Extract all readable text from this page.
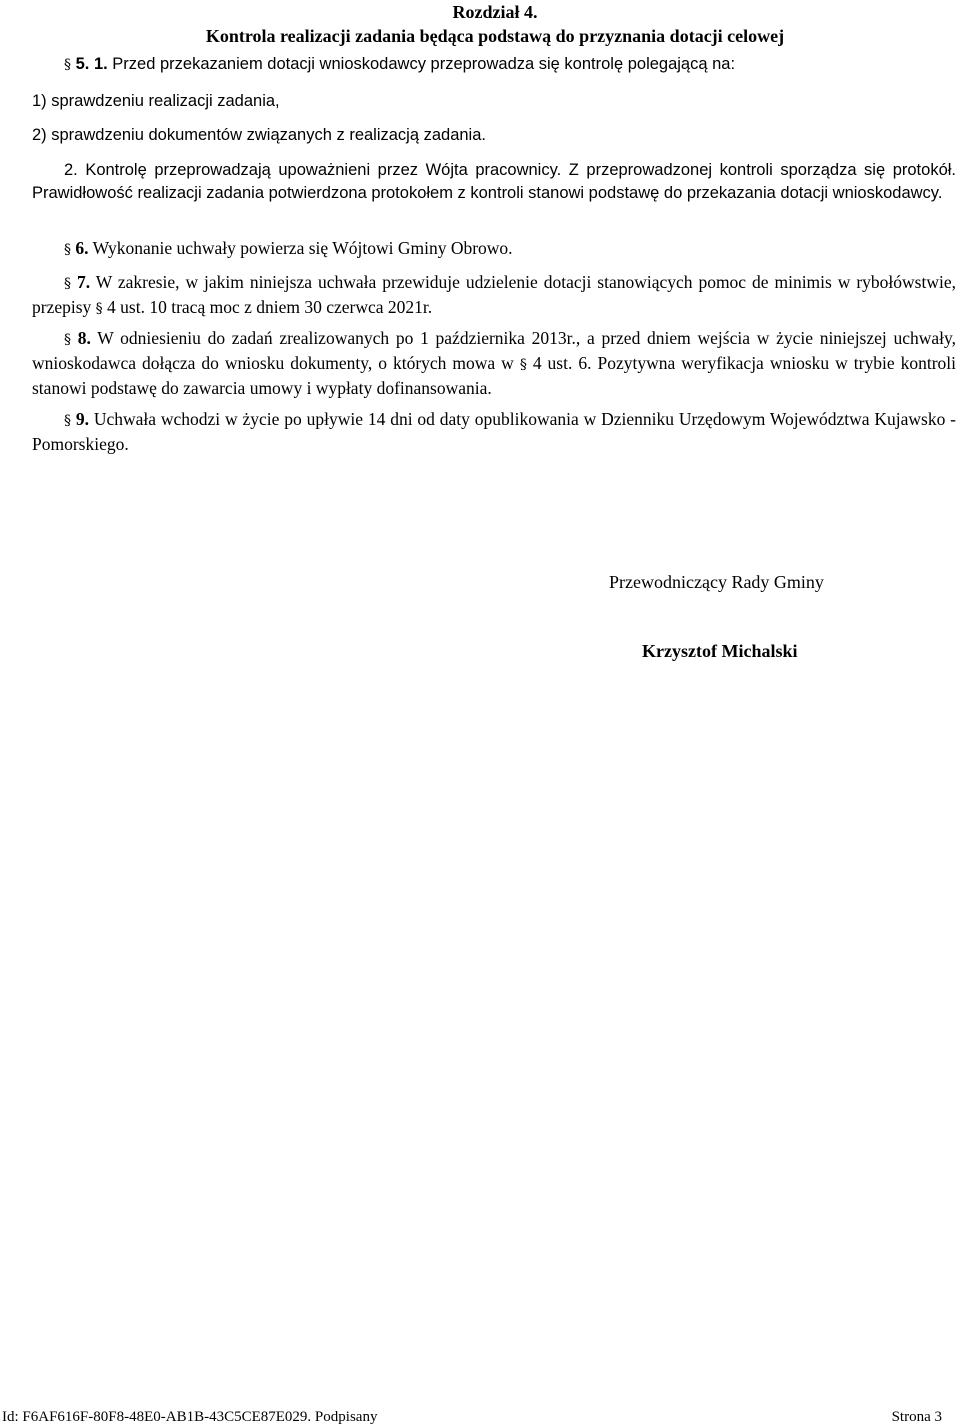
Rozdział 4.
Kontrola realizacji zadania będąca podstawą do przyznania dotacji celowej

§ 5. 1. Przed przekazaniem dotacji wnioskodawcy przeprowadza się kontrolę polegającą na:

1) sprawdzeniu realizacji zadania,

2) sprawdzeniu dokumentów związanych z realizacją zadania.

2. Kontrolę przeprowadzają upoważnieni przez Wójta pracownicy. Z przeprowadzonej kontroli sporządza się protokół. Prawidłowość realizacji zadania potwierdzona protokołem z kontroli stanowi podstawę do przekazania dotacji wnioskodawcy.

§ 6. Wykonanie uchwały powierza się Wójtowi Gminy Obrowo.

§ 7. W zakresie, w jakim niniejsza uchwała przewiduje udzielenie dotacji stanowiących pomoc de minimis w rybołówstwie, przepisy § 4 ust. 10 tracą moc z dniem 30 czerwca 2021r.

§ 8. W odniesieniu do zadań zrealizowanych po 1 października 2013r., a przed dniem wejścia w życie niniejszej uchwały, wnioskodawca dołącza do wniosku dokumenty, o których mowa w § 4 ust. 6. Pozytywna weryfikacja wniosku w trybie kontroli stanowi podstawę do zawarcia umowy i wypłaty dofinansowania.

§ 9. Uchwała wchodzi w życie po upływie 14 dni od daty opublikowania w Dzienniku Urzędowym Województwa Kujawsko - Pomorskiego.

Przewodniczący Rady Gminy
Krzysztof Michalski
Id: F6AF616F-80F8-48E0-AB1B-43C5CE87E029. Podpisany	Strona 3
